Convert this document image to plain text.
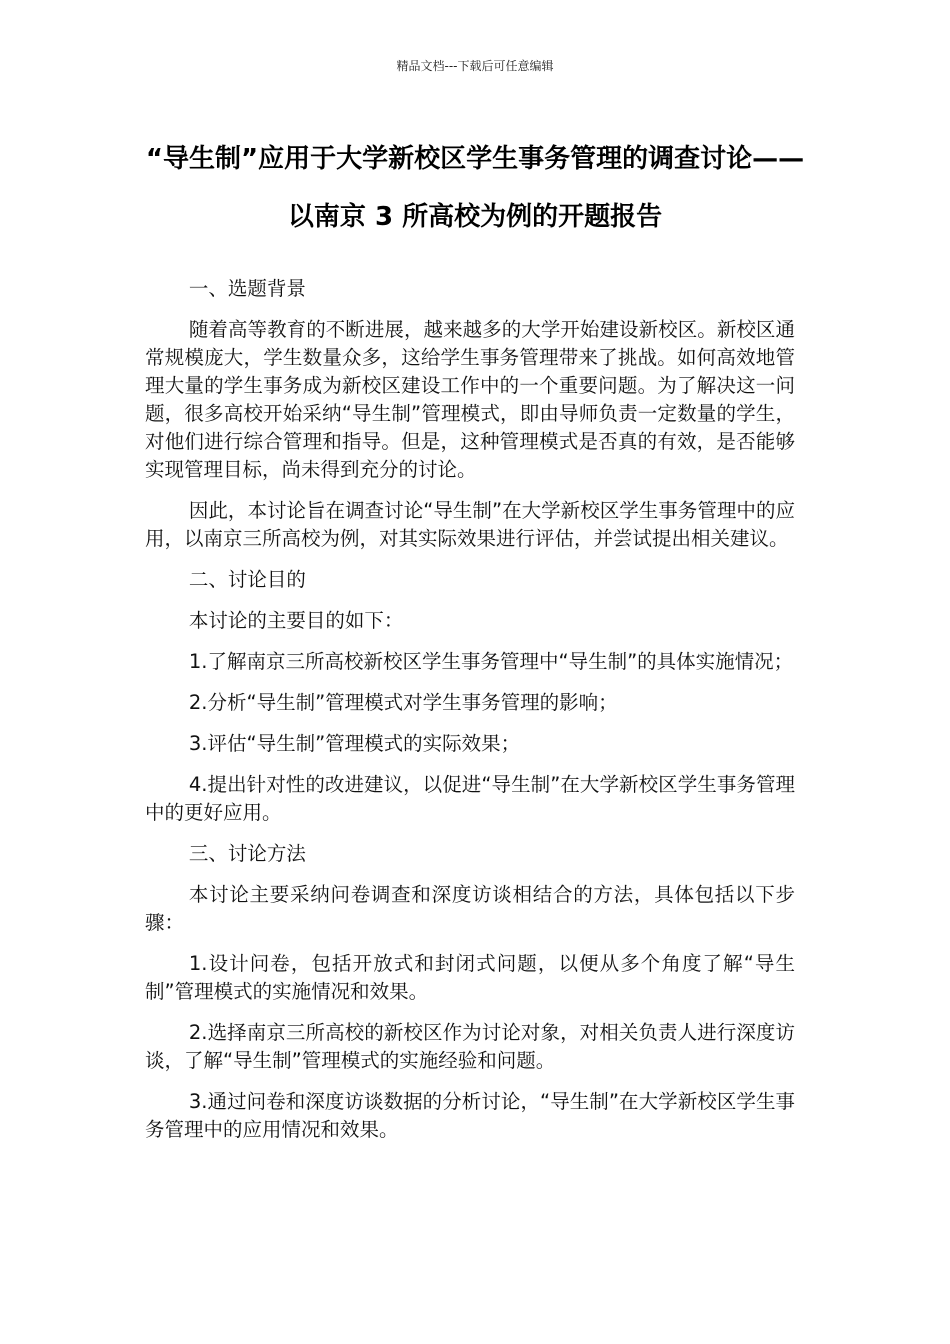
精品文档---下载后可任意编辑
“导生制”应用于大学新校区学生事务管理的调查讨论——以南京 3 所高校为例的开题报告

一、选题背景

随着高等教育的不断进展，越来越多的大学开始建设新校区。新校区通常规模庞大，学生数量众多，这给学生事务管理带来了挑战。如何高效地管理大量的学生事务成为新校区建设工作中的一个重要问题。为了解决这一问题，很多高校开始采纳“导生制”管理模式，即由导师负责一定数量的学生，对他们进行综合管理和指导。但是，这种管理模式是否真的有效，是否能够实现管理目标，尚未得到充分的讨论。

因此，本讨论旨在调查讨论“导生制”在大学新校区学生事务管理中的应用，以南京三所高校为例，对其实际效果进行评估，并尝试提出相关建议。

二、讨论目的

本讨论的主要目的如下：

1.了解南京三所高校新校区学生事务管理中“导生制”的具体实施情况；

2.分析“导生制”管理模式对学生事务管理的影响；

3.评估“导生制”管理模式的实际效果；

4.提出针对性的改进建议，以促进“导生制”在大学新校区学生事务管理中的更好应用。

三、讨论方法

本讨论主要采纳问卷调查和深度访谈相结合的方法，具体包括以下步骤：

1.设计问卷，包括开放式和封闭式问题，以便从多个角度了解“导生制”管理模式的实施情况和效果。

2.选择南京三所高校的新校区作为讨论对象，对相关负责人进行深度访谈，了解“导生制”管理模式的实施经验和问题。

3.通过问卷和深度访谈数据的分析讨论，“导生制”在大学新校区学生事务管理中的应用情况和效果。
